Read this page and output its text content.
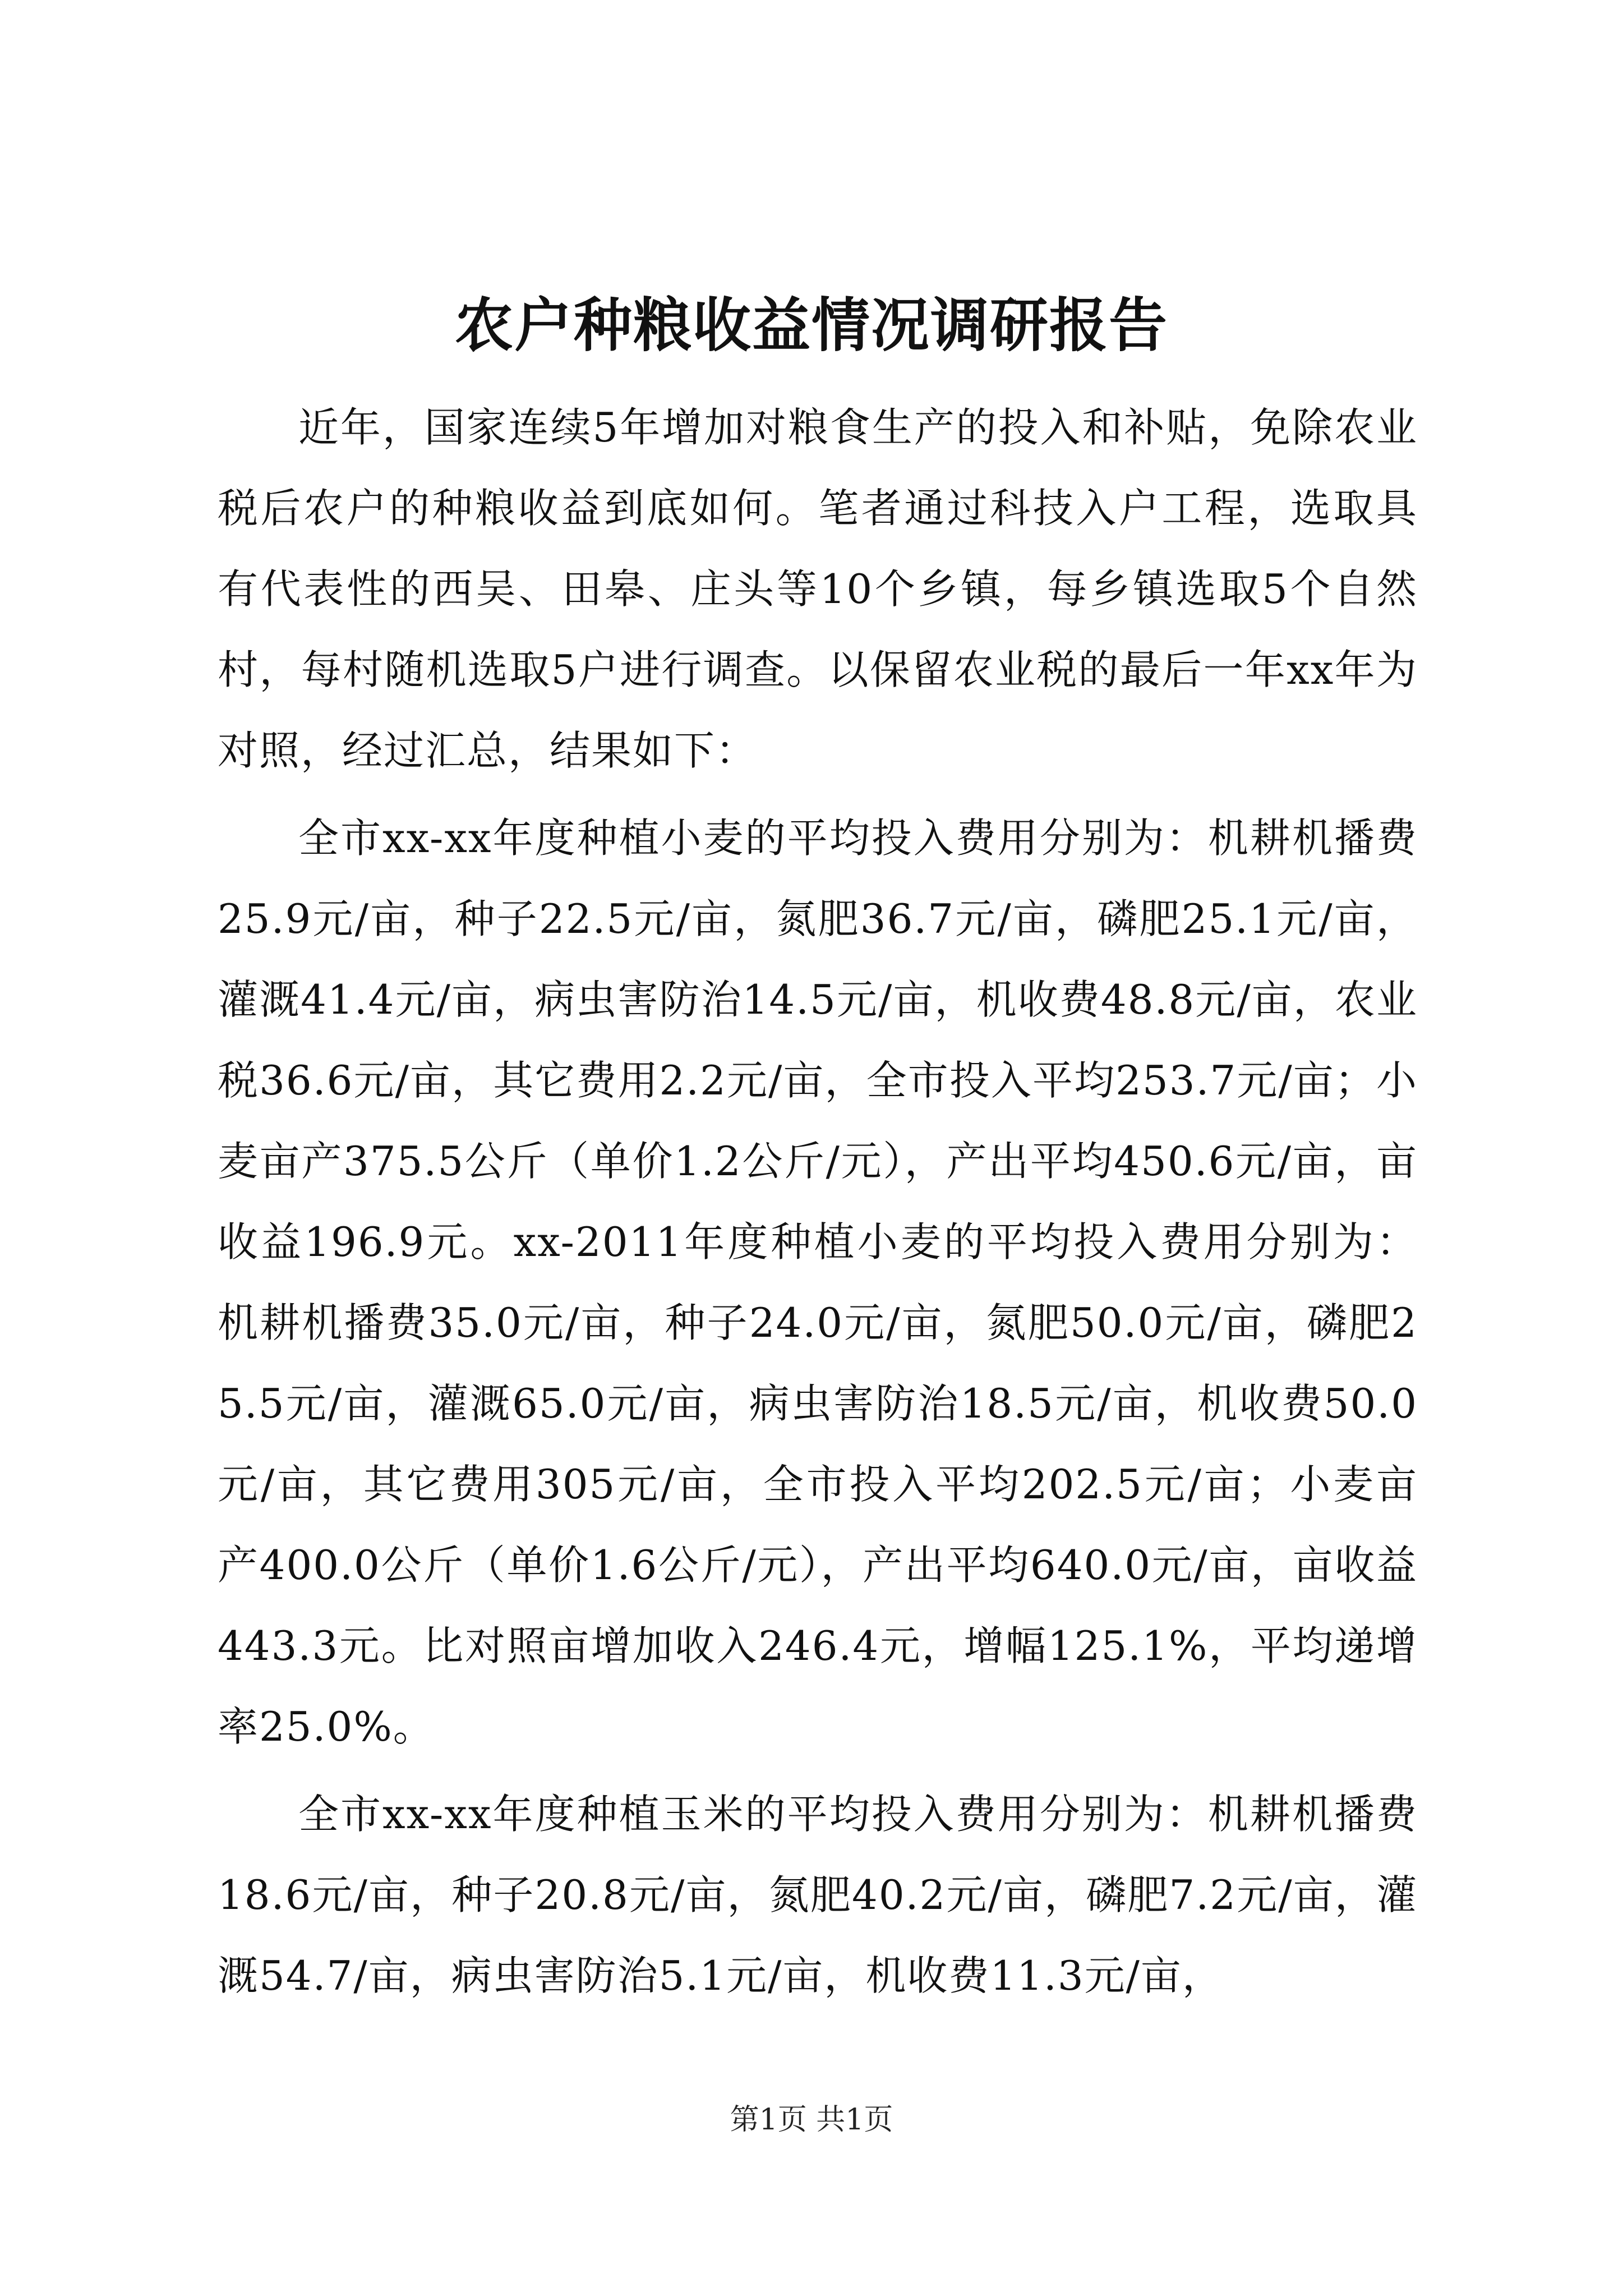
农户种粮收益情况调研报告

近年，国家连续5年增加对粮食生产的投入和补贴，免除农业税后农户的种粮收益到底如何。笔者通过科技入户工程，选取具有代表性的西吴、田皋、庄头等10个乡镇，每乡镇选取5个自然村，每村随机选取5户进行调查。以保留农业税的最后一年xx年为对照，经过汇总，结果如下：

全市xx-xx年度种植小麦的平均投入费用分别为：机耕机播费25.9元/亩，种子22.5元/亩，氮肥36.7元/亩，磷肥25.1元/亩，灌溉41.4元/亩，病虫害防治14.5元/亩，机收费48.8元/亩，农业税36.6元/亩，其它费用2.2元/亩，全市投入平均253.7元/亩；小麦亩产375.5公斤（单价1.2公斤/元），产出平均450.6元/亩，亩收益196.9元。xx-2011年度种植小麦的平均投入费用分别为：机耕机播费35.0元/亩，种子24.0元/亩，氮肥50.0元/亩，磷肥25.5元/亩，灌溉65.0元/亩，病虫害防治18.5元/亩，机收费50.0元/亩，其它费用305元/亩，全市投入平均202.5元/亩；小麦亩产400.0公斤（单价1.6公斤/元），产出平均640.0元/亩，亩收益443.3元。比对照亩增加收入246.4元，增幅125.1%，平均递增率25.0%。

全市xx-xx年度种植玉米的平均投入费用分别为：机耕机播费18.6元/亩，种子20.8元/亩，氮肥40.2元/亩，磷肥7.2元/亩，灌溉54.7/亩，病虫害防治5.1元/亩，机收费11.3元/亩，

第1页 共1页
